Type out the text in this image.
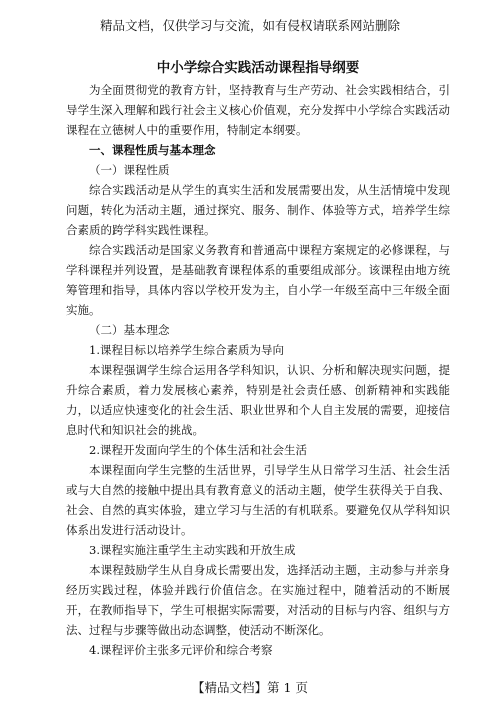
精品文档，仅供学习与交流，如有侵权请联系网站删除
中小学综合实践活动课程指导纲要

为全面贯彻党的教育方针，坚持教育与生产劳动、社会实践相结合，引导学生深入理解和践行社会主义核心价值观，充分发挥中小学综合实践活动课程在立德树人中的重要作用，特制定本纲要。

一、课程性质与基本理念

（一）课程性质

综合实践活动是从学生的真实生活和发展需要出发，从生活情境中发现问题，转化为活动主题，通过探究、服务、制作、体验等方式，培养学生综合素质的跨学科实践性课程。

综合实践活动是国家义务教育和普通高中课程方案规定的必修课程，与学科课程并列设置，是基础教育课程体系的重要组成部分。该课程由地方统筹管理和指导，具体内容以学校开发为主，自小学一年级至高中三年级全面实施。

（二）基本理念

1.课程目标以培养学生综合素质为导向

本课程强调学生综合运用各学科知识，认识、分析和解决现实问题，提升综合素质，着力发展核心素养，特别是社会责任感、创新精神和实践能力，以适应快速变化的社会生活、职业世界和个人自主发展的需要，迎接信息时代和知识社会的挑战。

2.课程开发面向学生的个体生活和社会生活

本课程面向学生完整的生活世界，引导学生从日常学习生活、社会生活或与大自然的接触中提出具有教育意义的活动主题，使学生获得关于自我、社会、自然的真实体验，建立学习与生活的有机联系。要避免仅从学科知识体系出发进行活动设计。

3.课程实施注重学生主动实践和开放生成

本课程鼓励学生从自身成长需要出发，选择活动主题，主动参与并亲身经历实践过程，体验并践行价值信念。在实施过程中，随着活动的不断展开，在教师指导下，学生可根据实际需要，对活动的目标与内容、组织与方法、过程与步骤等做出动态调整，使活动不断深化。

4.课程评价主张多元评价和综合考察

【精品文档】第 1 页
